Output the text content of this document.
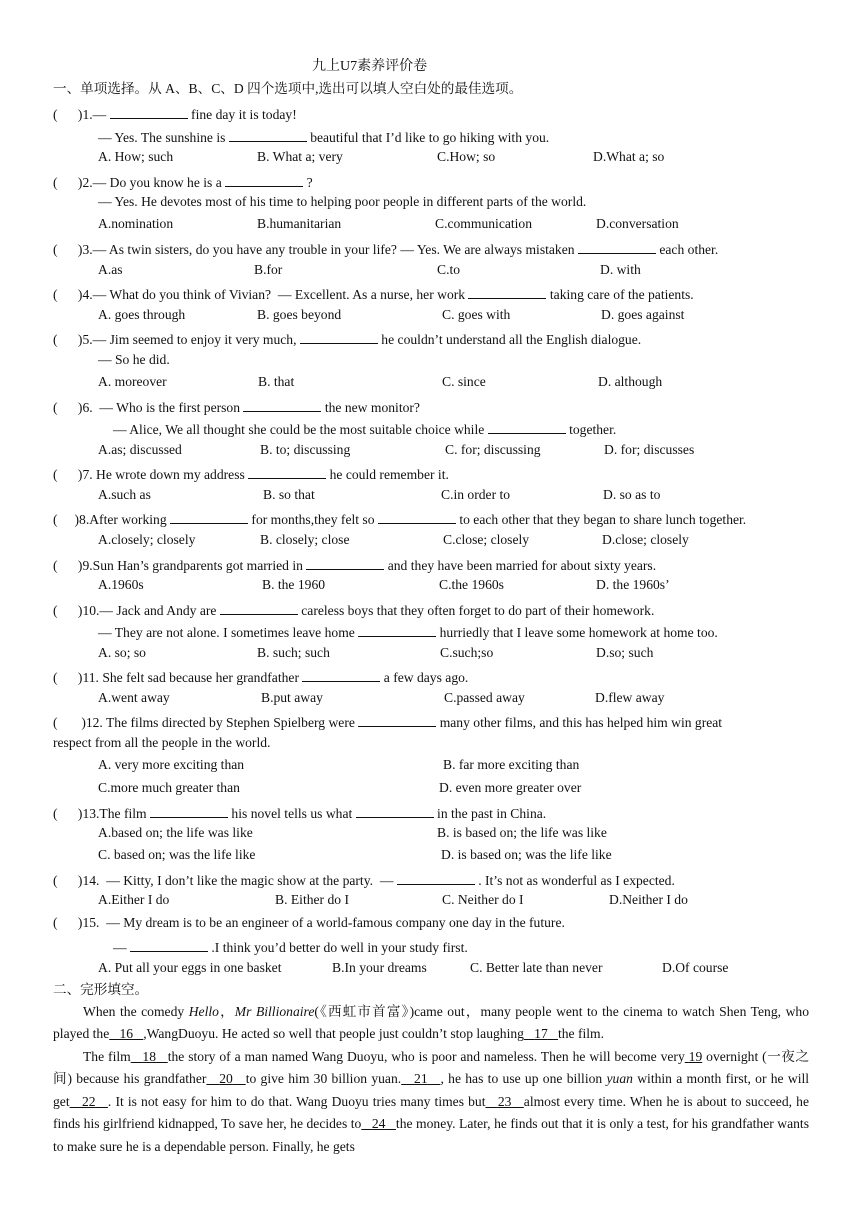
九上U7素养评价卷
一、单项选择。从 A、B、C、D 四个选项中,选出可以填人空白处的最佳选项。
(      )1.—	fine day it is today!
— Yes. The sunshine is	beautiful that I’d like to go hiking with you.
A. How; such	B. What a; very	C.How; so	D.What a; so
(      )2.— Do you know he is a	?
— Yes. He devotes most of his time to helping poor people in different parts of the world.
A.nomination	B.humanitarian	C.communication	D.conversation
(      )3.— As twin sisters, do you have any trouble in your life? — Yes. We are always mistaken	each other.
A.as	B.for	C.to	D. with
(      )4.— What do you think of Vivian?  — Excellent. As a nurse, her work	taking care of the patients.
A. goes through	B. goes beyond	C. goes with	D. goes against
(      )5.— Jim seemed to enjoy it very much,	he couldn’t understand all the English dialogue.
— So he did.
A. moreover	B. that	C. since	D. although
(      )6.  — Who is the first person	the new monitor?
— Alice, We all thought she could be the most suitable choice while	together.
A.as; discussed	B. to; discussing	C. for; discussing	D. for; discusses
(      )7. He wrote down my address	he could remember it.
A.such as	B. so that	C.in order to	D. so as to
(     )8.After working	for months,they felt so	to each other that they began to share lunch together.
A.closely; closely	B. closely; close	C.close; closely	D.close; closely
(      )9.Sun Han’s grandparents got married in	and they have been married for about sixty years.
A.1960s	B. the 1960	C.the 1960s	D. the 1960s’
(      )10.— Jack and Andy are	careless boys that they often forget to do part of their homework.
— They are not alone. I sometimes leave home	hurriedly that I leave some homework at home too.
A. so; so	B. such; such	C.such;so	D.so; such
(      )11. She felt sad because her grandfather	a few days ago.
A.went away	B.put away	C.passed away	D.flew away
(       )12. The films directed by Stephen Spielberg were	many other films, and this has helped him win great
respect from all the people in the world.
A. very more exciting than	B. far more exciting than
C.more much greater than	D. even more greater over
(      )13.The film	his novel tells us what	in the past in China.
A.based on; the life was like	B. is based on; the life was like
C. based on; was the life like	D. is based on; was the life like
(      )14.  — Kitty, I don’t like the magic show at the party.  —	. It’s not as wonderful as I expected.
A.Either I do	B. Either do I	C. Neither do I	D.Neither I do
(      )15.  — My dream is to be an engineer of a world-famous company one day in the future.
—	.I think you’d better do well in your study first.
A. Put all your eggs in one basket	B.In your dreams	C. Better late than never	D.Of course
二、完形填空。
When the comedy Hello，Mr Billionaire(《西虹市首富》)came out，many people went to the cinema to watch Shen Teng, who played the 16 ,WangDuoyu. He acted so well that people just couldn’t stop laughing 17 the film.
The film 18 the story of a man named Wang Duoyu, who is poor and nameless. Then he will become very 19 overnight (一夜之间) because his grandfather 20 to give him 30 billion yuan. 21 , he has to use up one billion yuan within a month first, or he will get 22 . It is not easy for him to do that. Wang Duoyu tries many times but 23 almost every time. When he is about to succeed, he finds his girlfriend kidnapped, To save her, he decides to 24 the money. Later, he finds out that it is only a test, for his grandfather wants to make sure he is a dependable person. Finally, he gets
